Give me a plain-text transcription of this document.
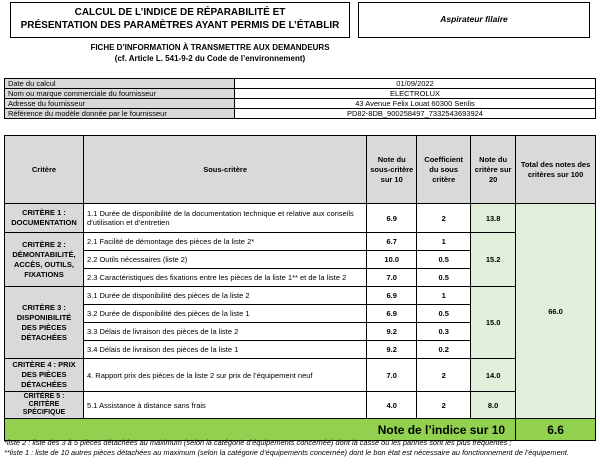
CALCUL DE L’INDICE DE RÉPARABILITÉ ET
PRÉSENTATION DES PARAMÈTRES AYANT PERMIS DE L’ÉTABLIR
Aspirateur filaire
FICHE D’INFORMATION À TRANSMETTRE AUX DEMANDEURS
(cf. Article L. 541-9-2 du Code de l’environnement)
Date du calcul	01/09/2022
Nom ou marque commerciale du fournisseur	ELECTROLUX
Adresse du fournisseur	43 Avenue Felix Louat 60300 Senlis
Référence du modèle donnée par le fournisseur	PD82-8DB_900258497_7332543693924
Critère	Sous-critère	Note du sous-critère sur 10	Coefficient du sous critère	Note du critère sur 20	Total des notes des critères sur 100
CRITÈRE 1 : DOCUMENTATION	1.1 Durée de disponibilité de la documentation technique et relative aux conseils d’utilisation et d’entretien	6.9	2	13.8	66.0
CRITÈRE 2 : DÉMONTABILITÉ, ACCÈS, OUTILS, FIXATIONS	2.1 Facilité de démontage des pièces de la liste 2*	6.7	1	15.2	
	2.2 Outils nécessaires (liste 2)	10.0	0.5		
	2.3 Caractéristiques des fixations entre les pièces de la liste 1** et de la liste 2	7.0	0.5		
CRITÈRE 3 : DISPONIBILITÉ DES PIÈCES DÉTACHÉES	3.1 Durée de disponibilité des pièces de la liste 2	6.9	1	15.0	
	3.2 Durée de disponibilité des pièces de la liste 1	6.9	0.5		
	3.3 Délais de livraison des pièces de la liste 2	9.2	0.3		
	3.4 Délais de livraison des pièces de la liste 1	9.2	0.2		
CRITÈRE 4 : PRIX DES PIÈCES DÉTACHÉES	4. Rapport prix des pièces de la liste 2 sur prix de l’équipement neuf	7.0	2	14.0	
CRITÈRE 5 : CRITÈRE SPÉCIFIQUE	5.1 Assistance à distance sans frais	4.0	2	8.0	
Note de l’indice sur 10					6.6
*liste 2 : liste des 3 à 5 pièces détachées au maximum (selon la catégorie d’équipements concernée) dont la casse ou les pannes sont les plus fréquentes ;
**liste 1 : liste de 10 autres pièces détachées au maximum (selon la catégorie d’équipements concernée) dont le bon état est nécessaire au fonctionnement de l’équipement.
